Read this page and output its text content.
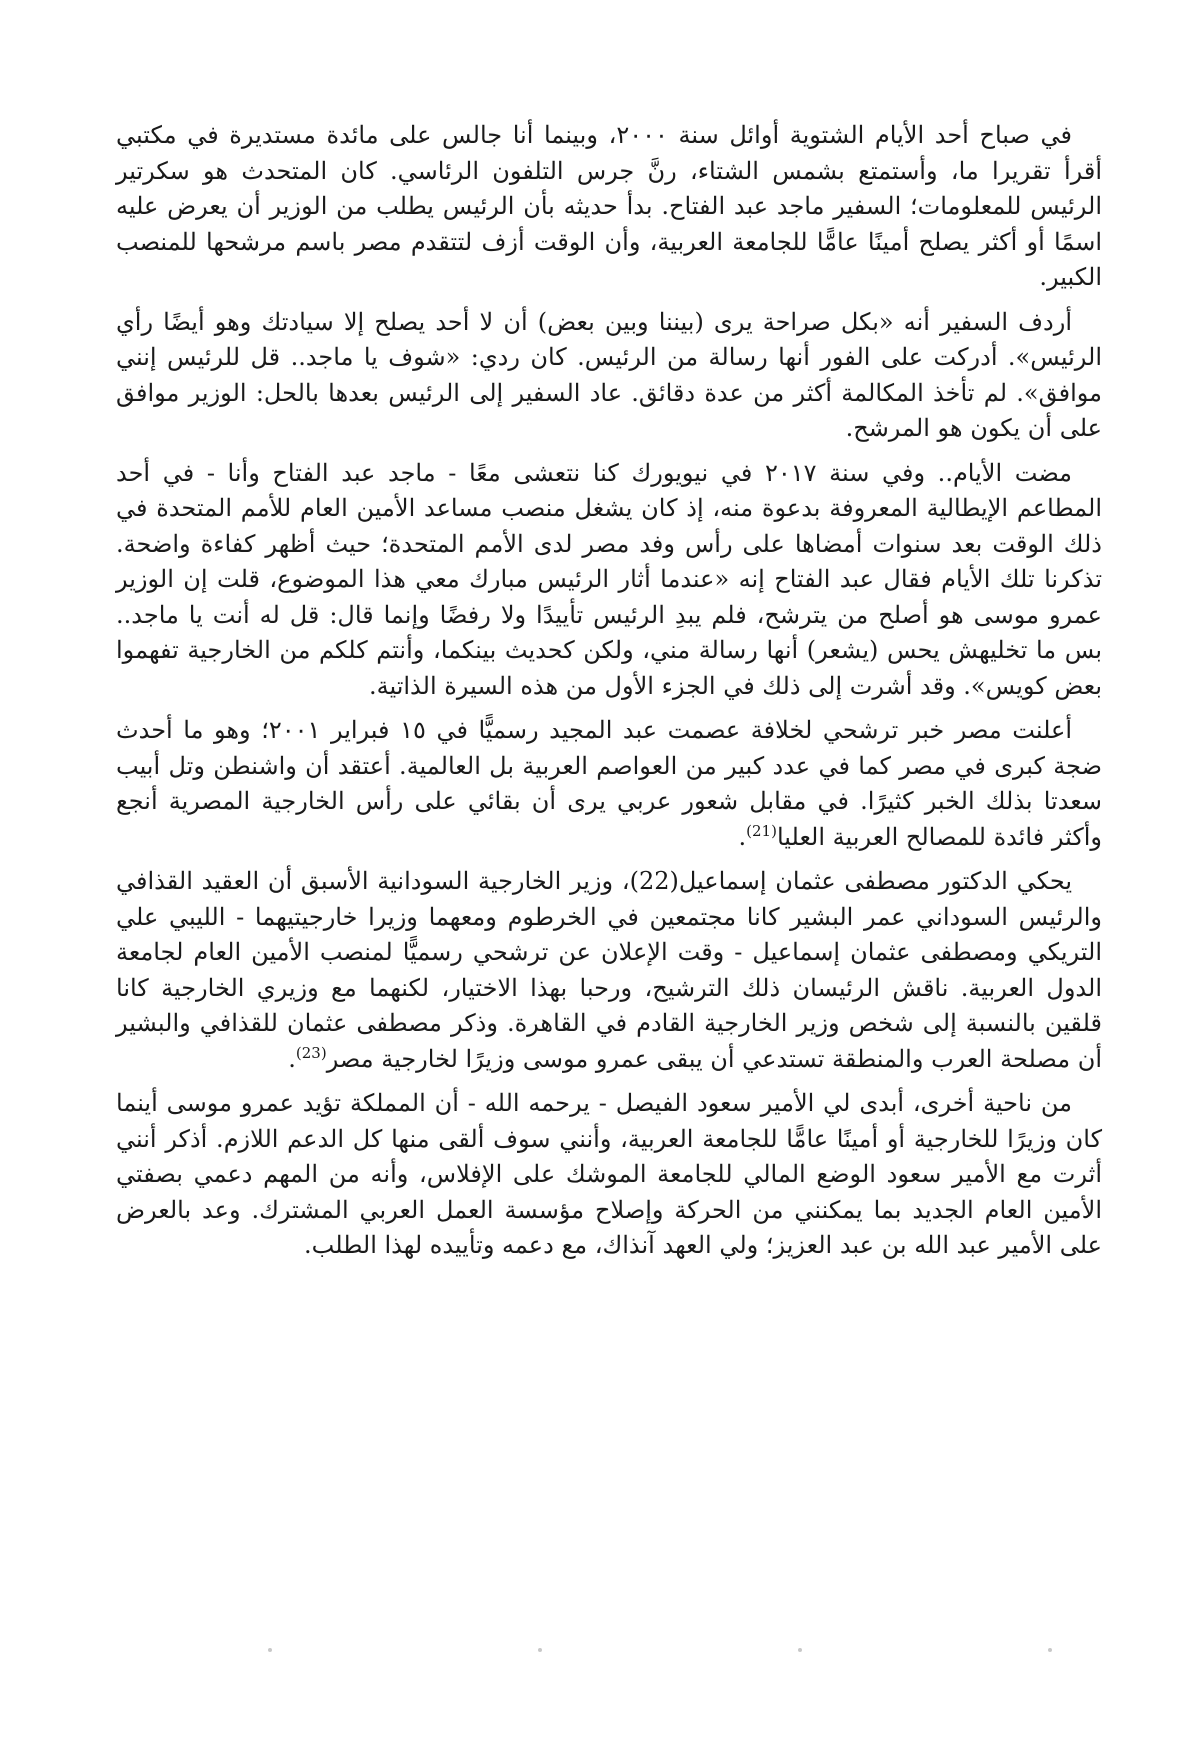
في صباح أحد الأيام الشتوية أوائل سنة ٢٠٠٠، وبينما أنا جالس على مائدة مستديرة في مكتبي أقرأ تقريرا ما، وأستمتع بشمس الشتاء، رنَّ جرس التلفون الرئاسي. كان المتحدث هو سكرتير الرئيس للمعلومات؛ السفير ماجد عبد الفتاح. بدأ حديثه بأن الرئيس يطلب من الوزير أن يعرض عليه اسمًا أو أكثر يصلح أمينًا عامًّا للجامعة العربية، وأن الوقت أزف لتتقدم مصر باسم مرشحها للمنصب الكبير.

أردف السفير أنه «بكل صراحة يرى (بيننا وبين بعض) أن لا أحد يصلح إلا سيادتك وهو أيضًا رأي الرئيس». أدركت على الفور أنها رسالة من الرئيس. كان ردي: «شوف يا ماجد.. قل للرئيس إنني موافق». لم تأخذ المكالمة أكثر من عدة دقائق. عاد السفير إلى الرئيس بعدها بالحل: الوزير موافق على أن يكون هو المرشح.

مضت الأيام.. وفي سنة ٢٠١٧ في نيويورك كنا نتعشى معًا - ماجد عبد الفتاح وأنا - في أحد المطاعم الإيطالية المعروفة بدعوة منه، إذ كان يشغل منصب مساعد الأمين العام للأمم المتحدة في ذلك الوقت بعد سنوات أمضاها على رأس وفد مصر لدى الأمم المتحدة؛ حيث أظهر كفاءة واضحة. تذكرنا تلك الأيام فقال عبد الفتاح إنه «عندما أثار الرئيس مبارك معي هذا الموضوع، قلت إن الوزير عمرو موسى هو أصلح من يترشح، فلم يبدِ الرئيس تأييدًا ولا رفضًا وإنما قال: قل له أنت يا ماجد.. بس ما تخليهش يحس (يشعر) أنها رسالة مني، ولكن كحديث بينكما، وأنتم كلكم من الخارجية تفهموا بعض كويس». وقد أشرت إلى ذلك في الجزء الأول من هذه السيرة الذاتية.

أعلنت مصر خبر ترشحي لخلافة عصمت عبد المجيد رسميًّا في ١٥ فبراير ٢٠٠١؛ وهو ما أحدث ضجة كبرى في مصر كما في عدد كبير من العواصم العربية بل العالمية. أعتقد أن واشنطن وتل أبيب سعدتا بذلك الخبر كثيرًا. في مقابل شعور عربي يرى أن بقائي على رأس الخارجية المصرية أنجع وأكثر فائدة للمصالح العربية العليا$^{(21)}$.

يحكي الدكتور مصطفى عثمان إسماعيل(22)، وزير الخارجية السودانية الأسبق أن العقيد القذافي والرئيس السوداني عمر البشير كانا مجتمعين في الخرطوم ومعهما وزيرا خارجيتيهما - الليبي علي التريكي ومصطفى عثمان إسماعيل - وقت الإعلان عن ترشحي رسميًّا لمنصب الأمين العام لجامعة الدول العربية. ناقش الرئيسان ذلك الترشيح، ورحبا بهذا الاختيار، لكنهما مع وزيري الخارجية كانا قلقين بالنسبة إلى شخص وزير الخارجية القادم في القاهرة. وذكر مصطفى عثمان للقذافي والبشير أن مصلحة العرب والمنطقة تستدعي أن يبقى عمرو موسى وزيرًا لخارجية مصر$^{(23)}$.

من ناحية أخرى، أبدى لي الأمير سعود الفيصل - يرحمه الله - أن المملكة تؤيد عمرو موسى أينما كان وزيرًا للخارجية أو أمينًا عامًّا للجامعة العربية، وأنني سوف ألقى منها كل الدعم اللازم. أذكر أنني أثرت مع الأمير سعود الوضع المالي للجامعة الموشك على الإفلاس، وأنه من المهم دعمي بصفتي الأمين العام الجديد بما يمكنني من الحركة وإصلاح مؤسسة العمل العربي المشترك. وعد بالعرض على الأمير عبد الله بن عبد العزيز؛ ولي العهد آنذاك، مع دعمه وتأييده لهذا الطلب.
